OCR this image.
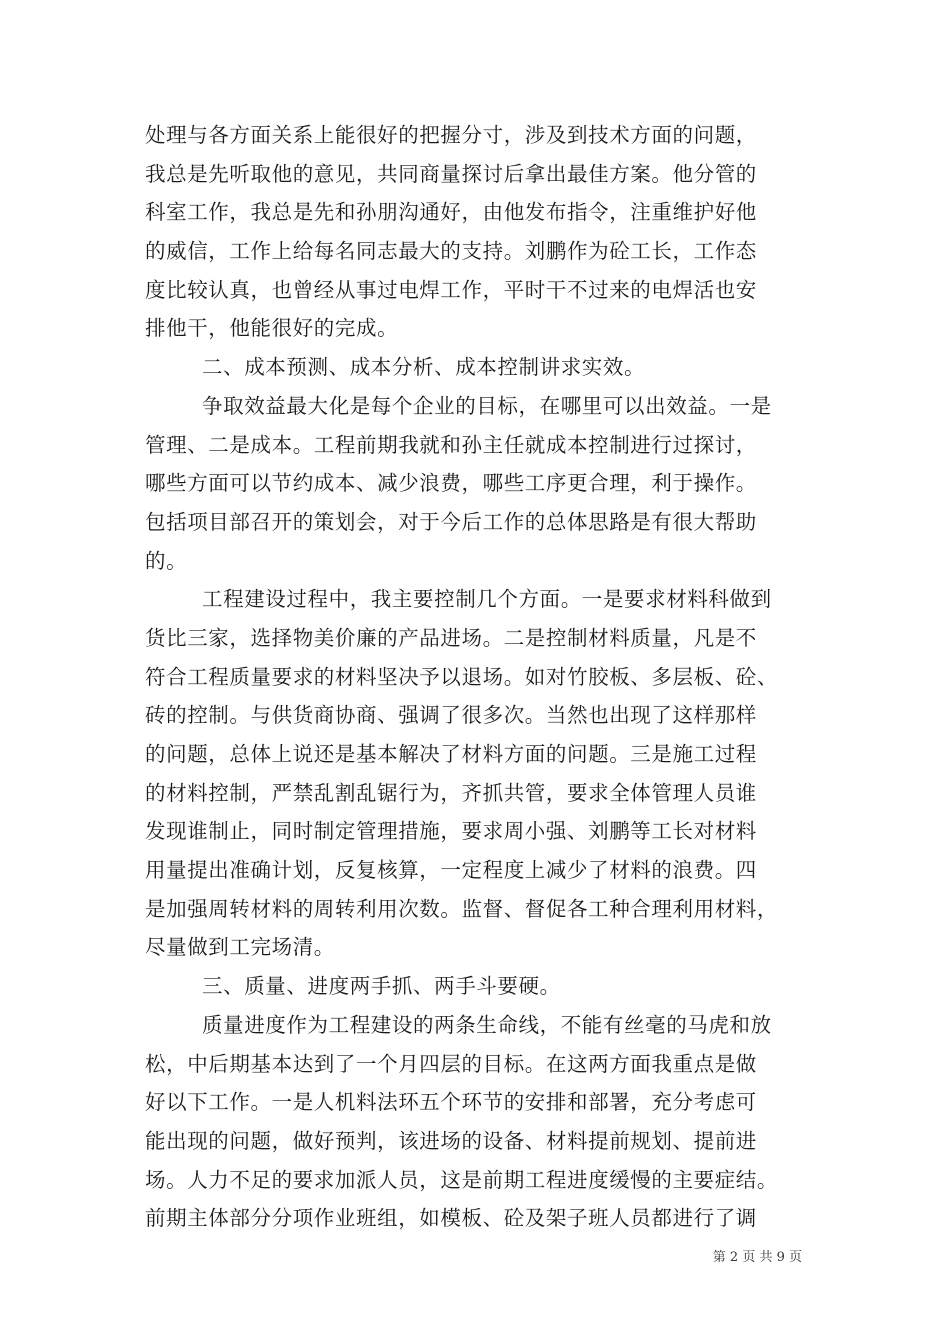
处理与各方面关系上能很好的把握分寸，涉及到技术方面的问题，
我总是先听取他的意见，共同商量探讨后拿出最佳方案。他分管的
科室工作，我总是先和孙朋沟通好，由他发布指令，注重维护好他
的威信，工作上给每名同志最大的支持。刘鹏作为砼工长，工作态
度比较认真，也曾经从事过电焊工作，平时干不过来的电焊活也安
排他干，他能很好的完成。
二、成本预测、成本分析、成本控制讲求实效。
争取效益最大化是每个企业的目标，在哪里可以出效益。一是
管理、二是成本。工程前期我就和孙主任就成本控制进行过探讨，
哪些方面可以节约成本、减少浪费，哪些工序更合理，利于操作。
包括项目部召开的策划会，对于今后工作的总体思路是有很大帮助
的。
工程建设过程中，我主要控制几个方面。一是要求材料科做到
货比三家，选择物美价廉的产品进场。二是控制材料质量，凡是不
符合工程质量要求的材料坚决予以退场。如对竹胶板、多层板、砼、
砖的控制。与供货商协商、强调了很多次。当然也出现了这样那样
的问题，总体上说还是基本解决了材料方面的问题。三是施工过程
的材料控制，严禁乱割乱锯行为，齐抓共管，要求全体管理人员谁
发现谁制止，同时制定管理措施，要求周小强、刘鹏等工长对材料
用量提出准确计划，反复核算，一定程度上减少了材料的浪费。四
是加强周转材料的周转利用次数。监督、督促各工种合理利用材料，
尽量做到工完场清。
三、质量、进度两手抓、两手斗要硬。
质量进度作为工程建设的两条生命线，不能有丝毫的马虎和放
松，中后期基本达到了一个月四层的目标。在这两方面我重点是做
好以下工作。一是人机料法环五个环节的安排和部署，充分考虑可
能出现的问题，做好预判，该进场的设备、材料提前规划、提前进
场。人力不足的要求加派人员，这是前期工程进度缓慢的主要症结。
前期主体部分分项作业班组，如模板、砼及架子班人员都进行了调
第 2 页 共 9 页
